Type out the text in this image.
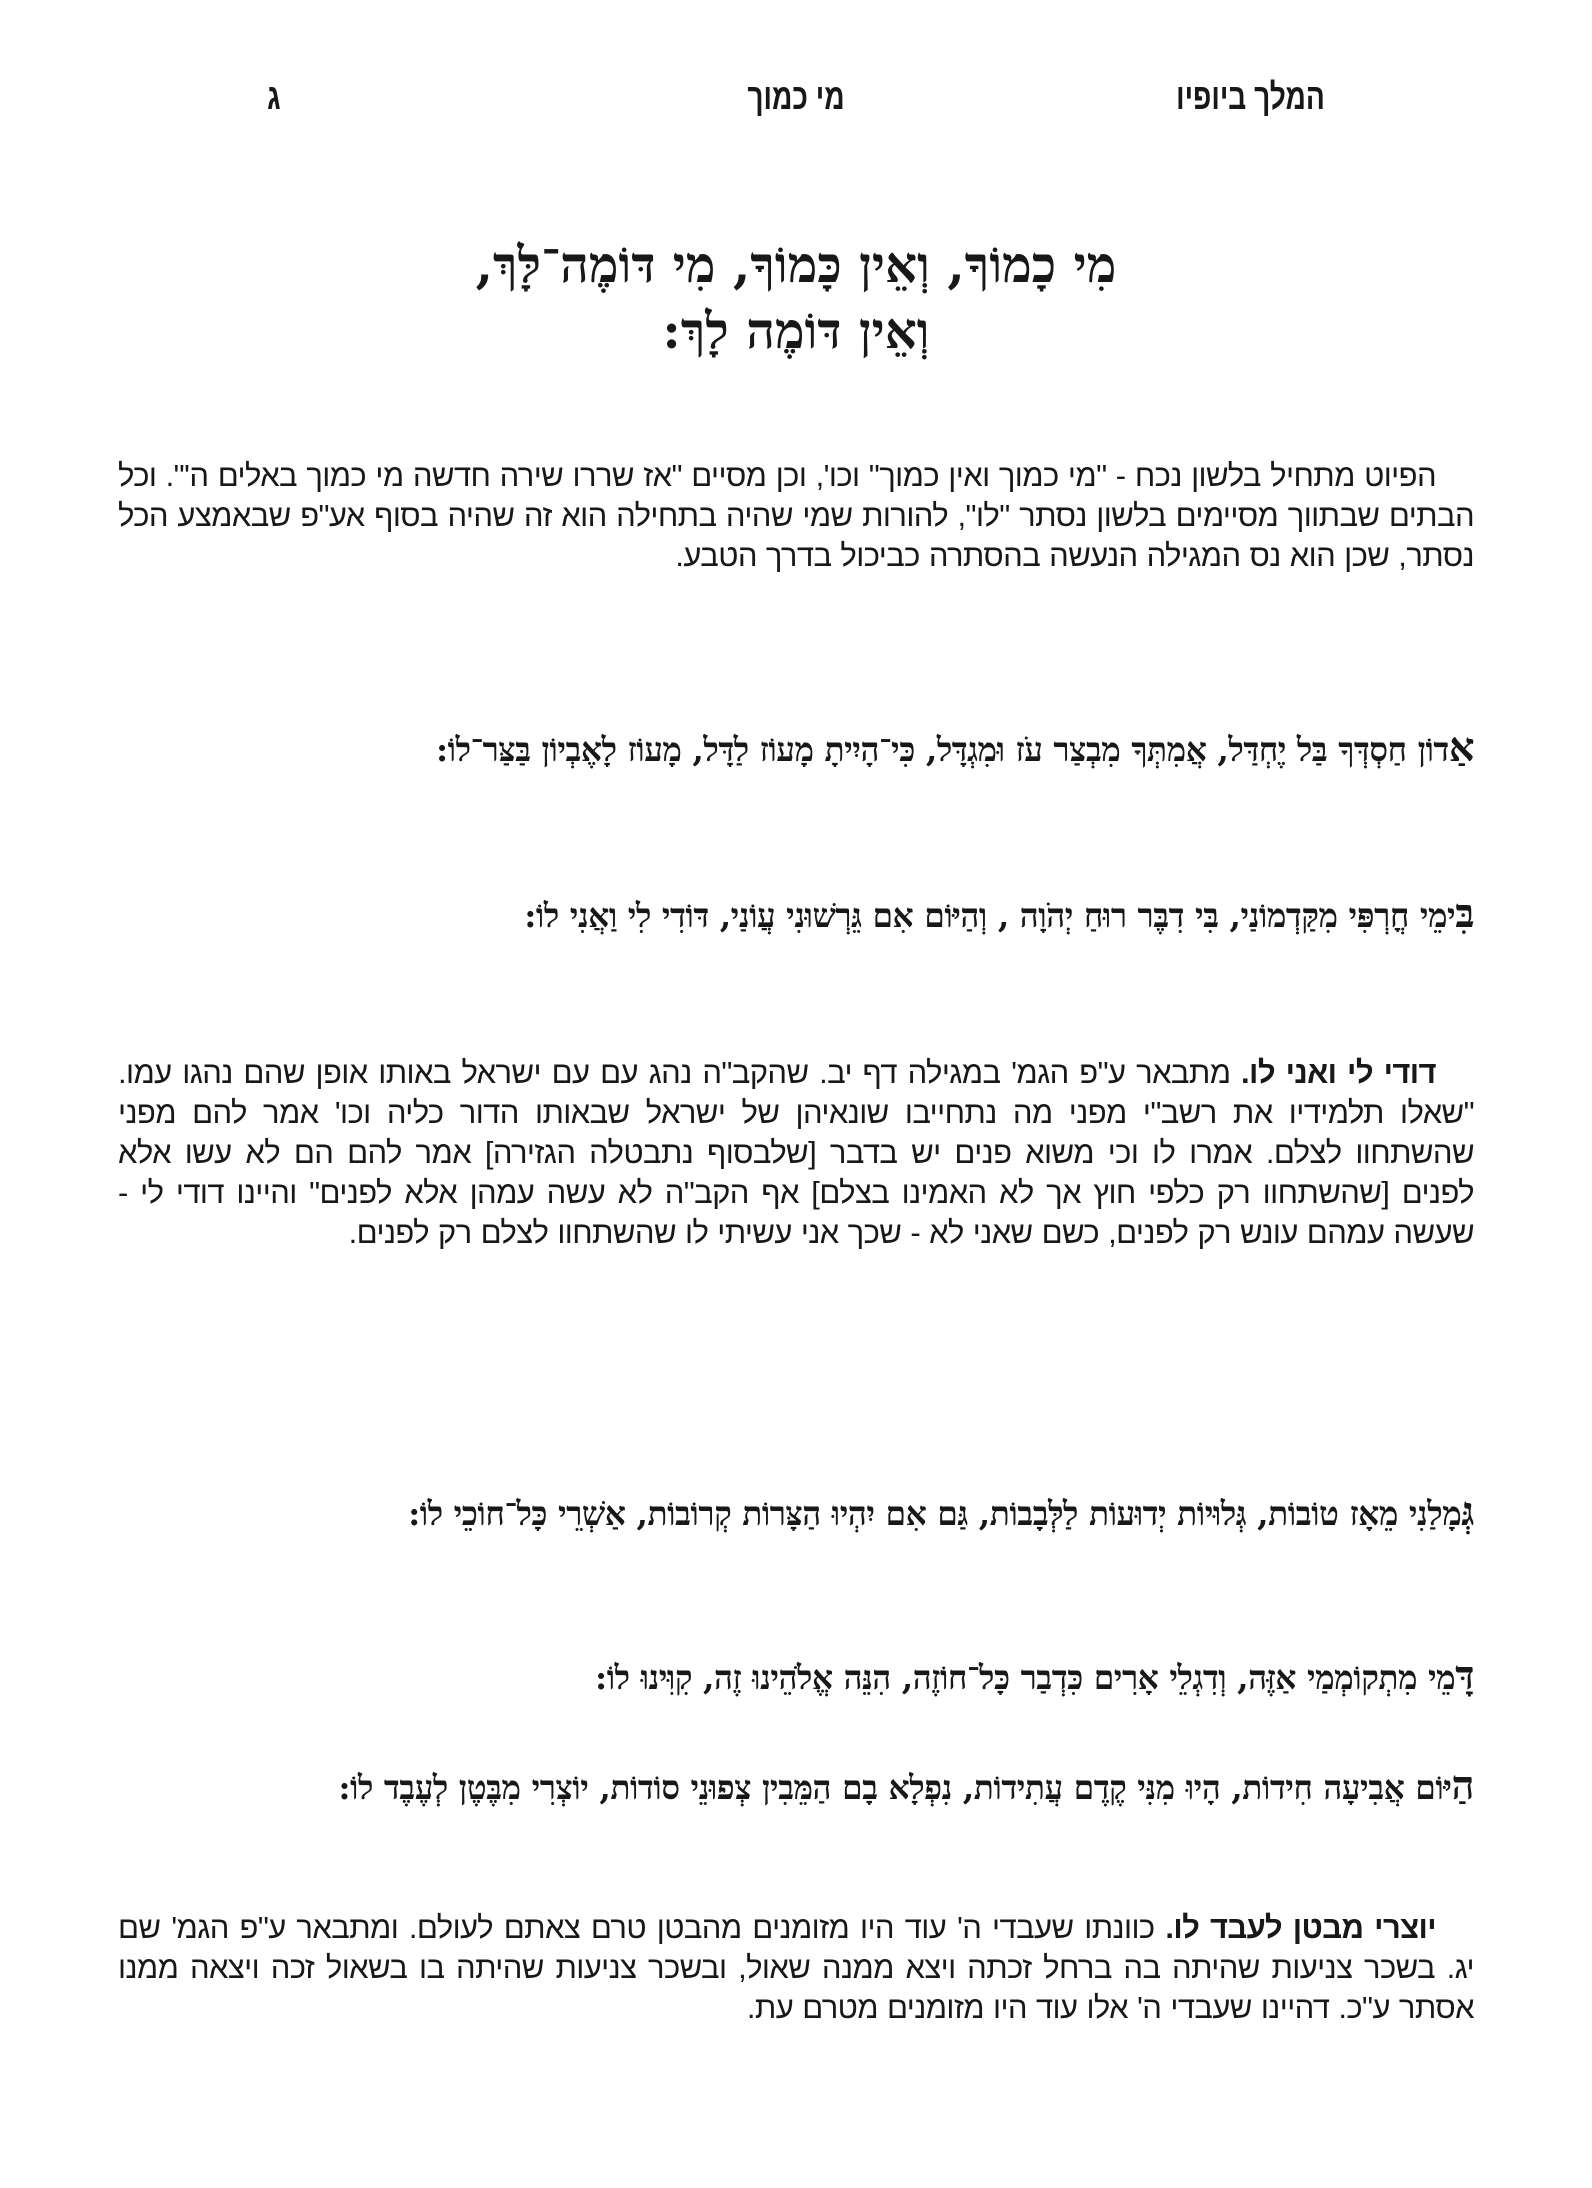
המלך ביופיו
מי כמוך
ג
מִי כָמוֹךָ, וְאֵין כָּמוֹךָ, מִי דּוֹמֶה־לָּךְ,
וְאֵין דּוֹמֶה לָךְ:
הפיוט מתחיל בלשון נכח - "מי כמוך ואין כמוך" וכו', וכן מסיים "אז שררו שירה חדשה מי כמוך באלים ה'". וכל הבתים שבתווך מסיימים בלשון נסתר "לו", להורות שמי שהיה בתחילה הוא זה שהיה בסוף אע"פ שבאמצע הכל נסתר, שכן הוא נס המגילה הנעשה בהסתרה כביכול בדרך הטבע.
אַדוֹן חַסְדְּךָ בַּל יֶחְדַּל, אֲמִתְּךָ מִבְצַר עֹז וּמִגְדָּל, כִּי־הָיִיתָ מָעוֹז לַדָּל, מָעוֹז לָאֶבְיוֹן בַּצַּר־לוֹ:
בִּימֵי חֳרְפִּי מִקַּדְמוֹנַי, בִּי דִבֶּר רוּחַ יְהֹוָה , וְהַיּוֹם אִם גֵּרְשׁוּנִי עֲוֹנַי, דּוֹדִי לִי וַאֲנִי לוֹ:
דודי לי ואני לו. מתבאר ע"פ הגמ' במגילה דף יב. שהקב"ה נהג עם עם ישראל באותו אופן שהם נהגו עמו. "שאלו תלמידיו את רשב"י מפני מה נתחייבו שונאיהן של ישראל שבאותו הדור כליה וכו' אמר להם מפני שהשתחוו לצלם. אמרו לו וכי משוא פנים יש בדבר [שלבסוף נתבטלה הגזירה] אמר להם הם לא עשו אלא לפנים [שהשתחוו רק כלפי חוץ אך לא האמינו בצלם] אף הקב"ה לא עשה עמהן אלא לפנים" והיינו דודי לי - שעשה עמהם עונש רק לפנים, כשם שאני לא - שכך אני עשיתי לו שהשתחוו לצלם רק לפנים.
גְּמָלַנִי מֵאָז טוֹבוֹת, גְּלוּיוֹת יְדוּעוֹת לַלְּבָבוֹת, גַּם אִם יִהְיוּ הַצָּרוֹת קְרוֹבוֹת, אַשְׁרֵי כָּל־חוֹכֵי לוֹ:
דָּמֵי מִתְקוֹמְמַי אַזֶּה, וְדִגְלֵי אָרִים כִּדְבַר כָּל־חוֹזֶה, הִנֵּה אֱלֹהֵינוּ זֶה, קִוִּינוּ לוֹ:
הַיּוֹם אֲבִיעָה חִידוֹת, הָיוּ מִנִּי קֶדֶם עֲתִידוֹת, נִפְלָא בָם הַמֵּבִין צְפוּנֵי סוֹדוֹת, יוֹצְרִי מִבֶּטֶן לְעֶבֶד לוֹ:
יוצרי מבטן לעבד לו. כוונתו שעבדי ה' עוד היו מזומנים מהבטן טרם צאתם לעולם. ומתבאר ע"פ הגמ' שם יג. בשכר צניעות שהיתה בה ברחל זכתה ויצא ממנה שאול, ובשכר צניעות שהיתה בו בשאול זכה ויצאה ממנו אסתר ע"כ. דהיינו שעבדי ה' אלו עוד היו מזומנים מטרם עת.
